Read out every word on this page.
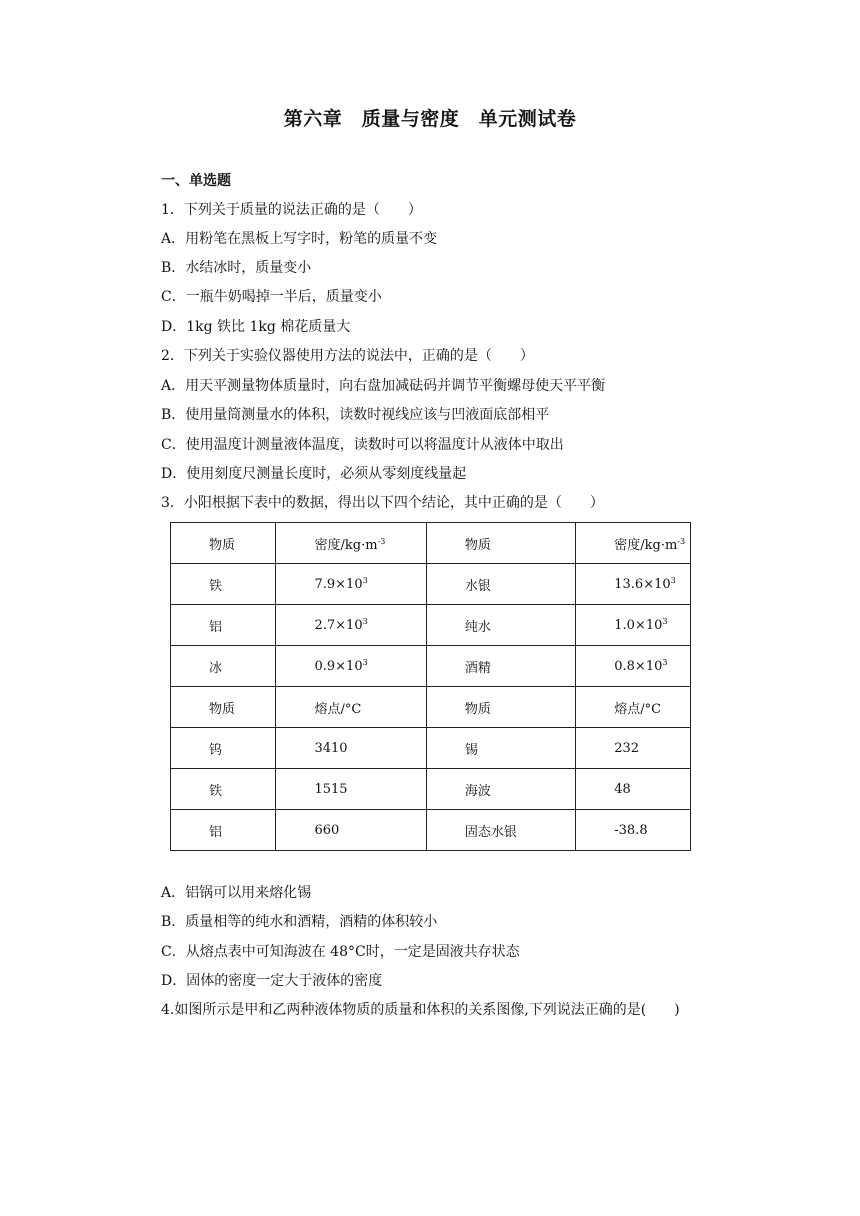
第六章　质量与密度　单元测试卷
一、单选题
1．下列关于质量的说法正确的是（　　）
A．用粉笔在黑板上写字时，粉笔的质量不变
B．水结冰时，质量变小
C．一瓶牛奶喝掉一半后，质量变小
D．1kg 铁比 1kg 棉花质量大
2．下列关于实验仪器使用方法的说法中，正确的是（　　）
A．用天平测量物体质量时，向右盘加减砝码并调节平衡螺母使天平平衡
B．使用量筒测量水的体积，读数时视线应该与凹液面底部相平
C．使用温度计测量液体温度，读数时可以将温度计从液体中取出
D．使用刻度尺测量长度时，必须从零刻度线量起
3．小阳根据下表中的数据，得出以下四个结论，其中正确的是（　　）
物质	密度$/kg\cdot m^{-3}$	物质	密度$/kg\cdot m^{-3}$
铁	$7.9\times 10^3$	水银	$13.6\times 10^3$
铝	$2.7\times 10^3$	纯水	$1.0\times 10^3$
冰	$0.9\times 10^3$	酒精	$0.8\times 10^3$
物质	熔点/°C	物质	熔点/°C
钨	3410	锡	232
铁	1515	海波	48
铝	660	固态水银	-38.8
A．铝锅可以用来熔化锡
B．质量相等的纯水和酒精，酒精的体积较小
C．从熔点表中可知海波在 48°C时，一定是固液共存状态
D．固体的密度一定大于液体的密度
4.如图所示是甲和乙两种液体物质的质量和体积的关系图像,下列说法正确的是(　　)
